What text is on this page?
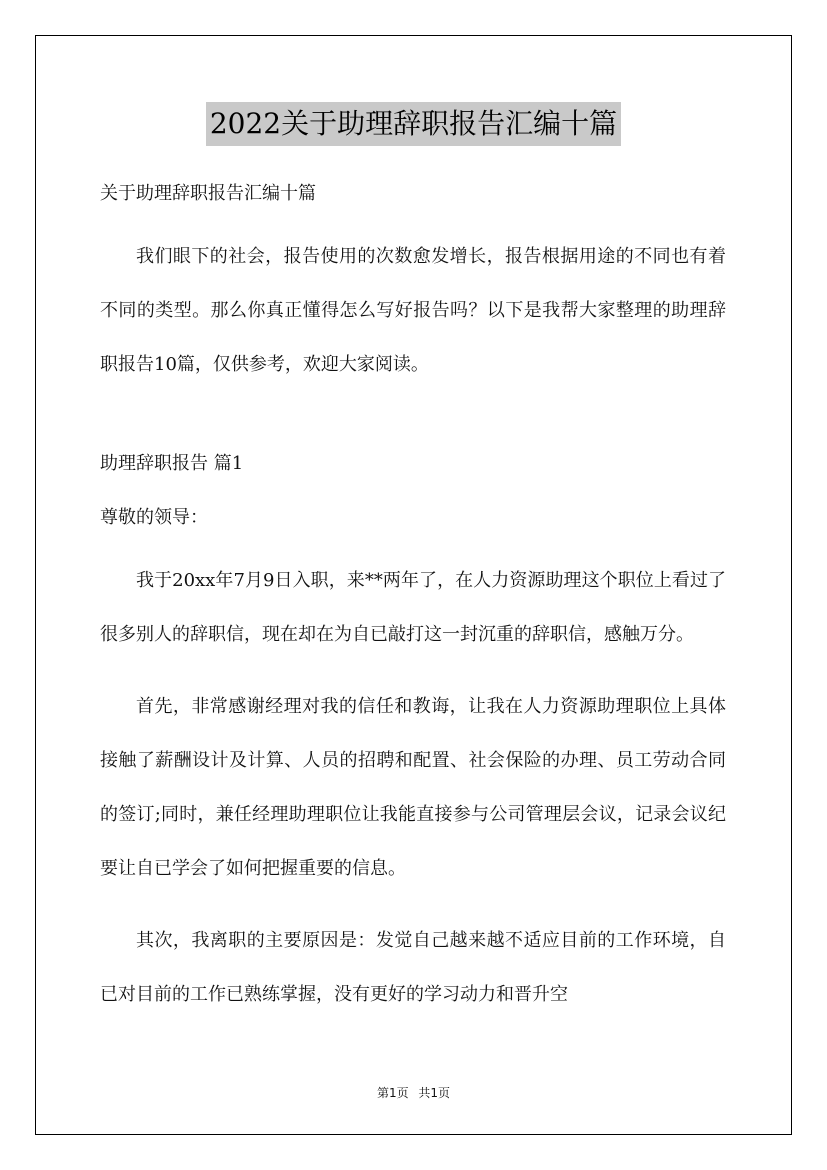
2022关于助理辞职报告汇编十篇
关于助理辞职报告汇编十篇

我们眼下的社会，报告使用的次数愈发增长，报告根据用途的不同也有着不同的类型。那么你真正懂得怎么写好报告吗？以下是我帮大家整理的助理辞职报告10篇，仅供参考，欢迎大家阅读。

助理辞职报告 篇1
尊敬的领导：

我于20xx年7月9日入职，来**两年了，在人力资源助理这个职位上看过了很多别人的辞职信，现在却在为自已敲打这一封沉重的辞职信，感触万分。

首先，非常感谢经理对我的信任和教诲，让我在人力资源助理职位上具体接触了薪酬设计及计算、人员的招聘和配置、社会保险的办理、员工劳动合同的签订;同时，兼任经理助理职位让我能直接参与公司管理层会议，记录会议纪要让自已学会了如何把握重要的信息。

其次，我离职的主要原因是：发觉自己越来越不适应目前的工作环境，自已对目前的工作已熟练掌握，没有更好的学习动力和晋升空

第1页 共1页
